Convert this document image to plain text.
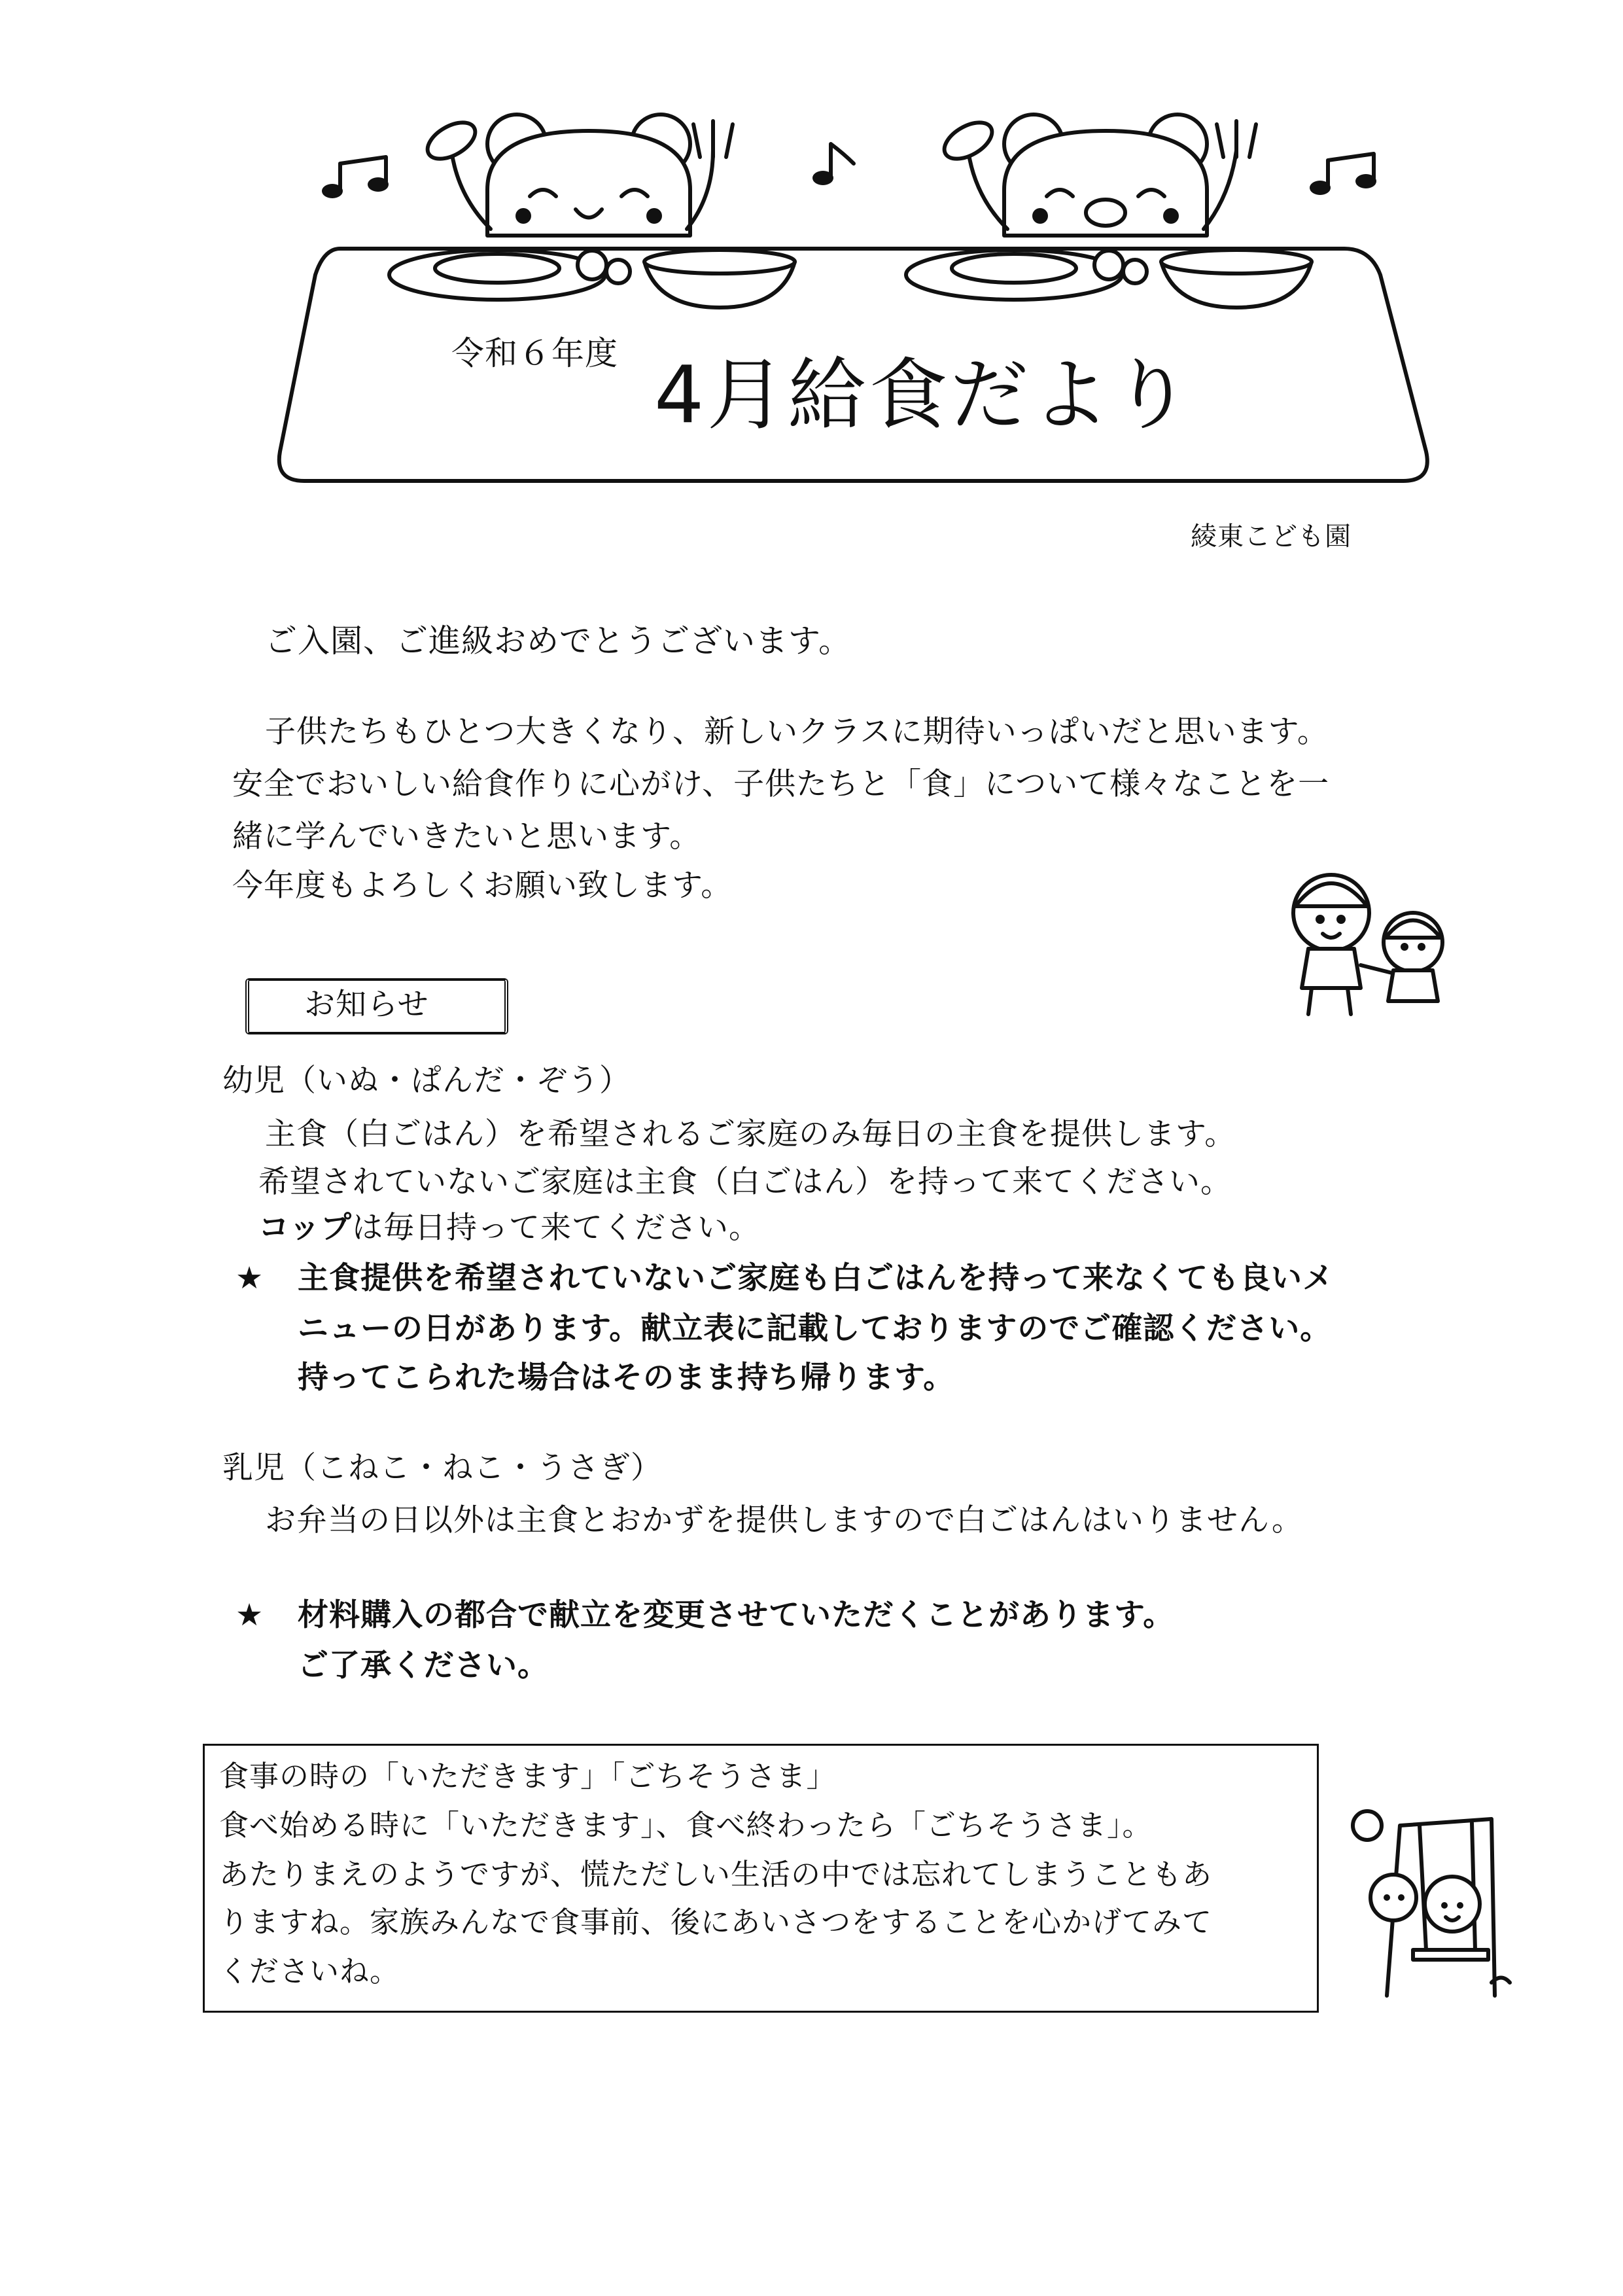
令和６年度 4月給食だより
綾東こども園
ご入園、ご進級おめでとうございます。
子供たちもひとつ大きくなり、新しいクラスに期待いっぱいだと思います。
安全でおいしい給食作りに心がけ、子供たちと「食」について様々なことを一
緒に学んでいきたいと思います。
今年度もよろしくお願い致します。
お知らせ
幼児（いぬ・ぱんだ・ぞう）
主食（白ごはん）を希望されるご家庭のみ毎日の主食を提供します。
希望されていないご家庭は主食（白ごはん）を持って来てください。
コップは毎日持って来てください。
★ 主食提供を希望されていないご家庭も白ごはんを持って来なくても良いメ
ニューの日があります。献立表に記載しておりますのでご確認ください。
持ってこられた場合はそのまま持ち帰ります。
乳児（こねこ・ねこ・うさぎ）
お弁当の日以外は主食とおかずを提供しますので白ごはんはいりません。
★ 材料購入の都合で献立を変更させていただくことがあります。
ご了承ください。
食事の時の「いただきます」「ごちそうさま」
食べ始める時に「いただきます」、食べ終わったら「ごちそうさま」。
あたりまえのようですが、慌ただしい生活の中では忘れてしまうこともあ
りますね。家族みんなで食事前、後にあいさつをすることを心かげてみて
くださいね。
